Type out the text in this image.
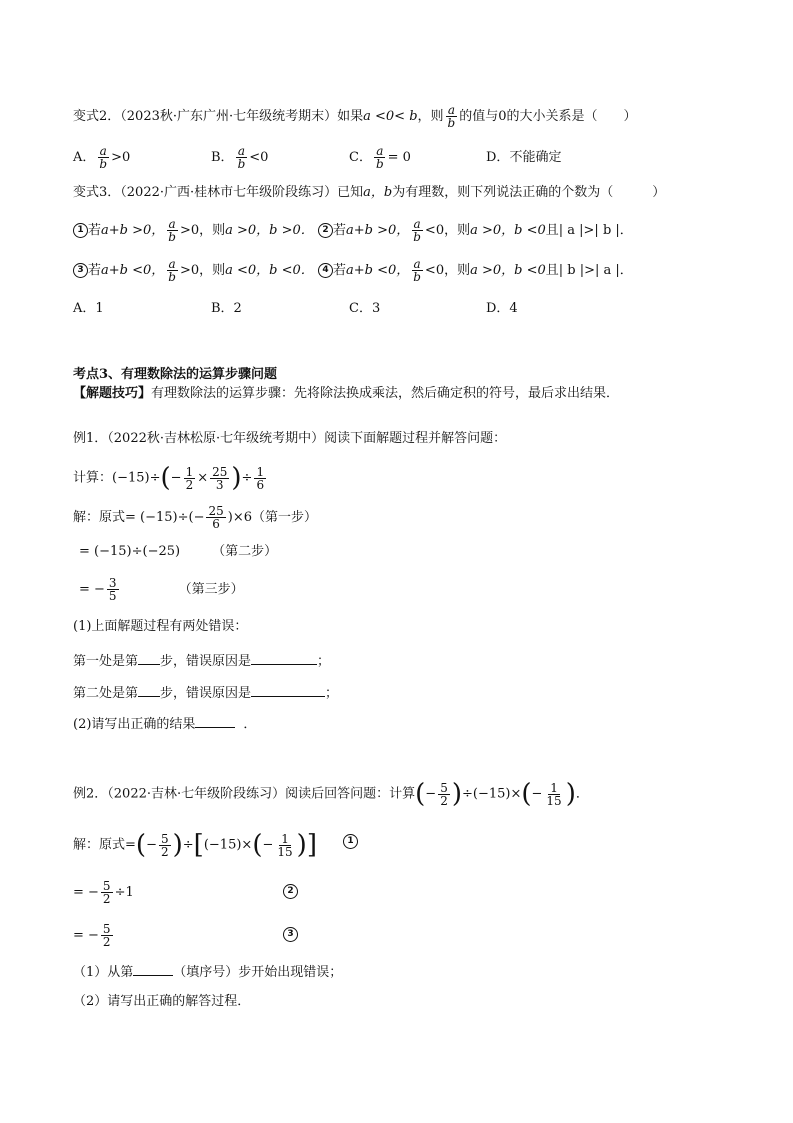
变式2．（2023秋·广东广州·七年级统考期末）如果a <0< b，则 $\frac{a}{b}$ 的值与0的大小关系是（　　）
A． $\frac{a}{b} >0$	B． $\frac{a}{b} <0$	C． $\frac{a}{b} = 0$	D．不能确定
变式3．（2022·广西·桂林市七年级阶段练习）已知a，b为有理数，则下列说法正确的个数为（　　　）
1 若a+b >0， $\frac{a}{b} >0$，则a >0，b >0． 2 若a+b >0， $\frac{a}{b} <0$，则a >0，b <0且| a |>| b |．
3 若a+b <0， $\frac{a}{b} >0$，则a <0，b <0． 4 若a+b <0， $\frac{a}{b} <0$，则a >0，b <0且| b |>| a |．
A．1	B．2	C．3	D．4
考点3、有理数除法的运算步骤问题
【解题技巧】有理数除法的运算步骤：先将除法换成乘法，然后确定积的符号，最后求出结果．
例1．（2022秋·吉林松原·七年级统考期中）阅读下面解题过程并解答问题：
计算：$(-15)\div(- \frac{1}{2} \times \frac{25}{3}$ )÷ $\frac{1}{6}$
解：原式= $(-15)\div(- \frac{25}{6} )\times 6$（第一步）
= (−15)÷(−25) （第二步）
= − $\frac{3}{5}$	（第三步）
(1)上面解题过程有两处错误：
第一处是第 步，错误原因是	；
第二处是第 步，错误原因是	；
(2)请写出正确的结果	．
例2．（2022·吉林·七年级阶段练习）阅读后回答问题：计算(− $\frac{5}{2} )\div(-15)\times(- \frac{1}{15}$ )．
解：原式=(− $\frac{5}{2} )\div[(-15)\times(- \frac{1}{15}$ )]	1
= − $\frac{5}{2} \div 1$	2
= − $\frac{5}{2}$	3
（1）从第	（填序号）步开始出现错误；
（2）请写出正确的解答过程．
